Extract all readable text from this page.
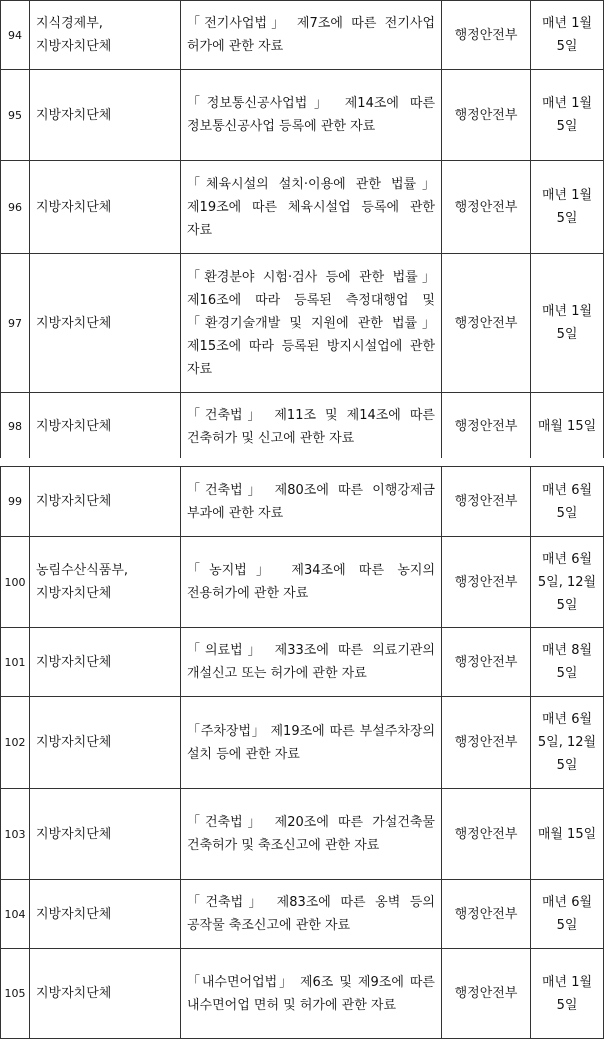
94	지식경제부,
지방자치단체	「전기사업법」 제7조에 따른 전기사업 허가에 관한 자료	행정안전부	매년 1월 5일
95	지방자치단체	「정보통신공사업법」 제14조에 따른 정보통신공사업 등록에 관한 자료	행정안전부	매년 1월 5일
96	지방자치단체	「체육시설의 설치·이용에 관한 법률」 제19조에 따른 체육시설업 등록에 관한 자료	행정안전부	매년 1월 5일
97	지방자치단체	「환경분야 시험·검사 등에 관한 법률」 제16조에 따라 등록된 측정대행업 및 「환경기술개발 및 지원에 관한 법률」 제15조에 따라 등록된 방지시설업에 관한 자료	행정안전부	매년 1월 5일
98	지방자치단체	「건축법」 제11조 및 제14조에 따른 건축허가 및 신고에 관한 자료	행정안전부	매월 15일
99	지방자치단체	「건축법」 제80조에 따른 이행강제금 부과에 관한 자료	행정안전부	매년 6월 5일
100	농림수산식품부,
지방자치단체	「농지법」 제34조에 따른 농지의 전용허가에 관한 자료	행정안전부	매년 6월 5일, 12월 5일
101	지방자치단체	「의료법」 제33조에 따른 의료기관의 개설신고 또는 허가에 관한 자료	행정안전부	매년 8월 5일
102	지방자치단체	「주차장법」 제19조에 따른 부설주차장의 설치 등에 관한 자료	행정안전부	매년 6월 5일, 12월 5일
103	지방자치단체	「건축법」 제20조에 따른 가설건축물 건축허가 및 축조신고에 관한 자료	행정안전부	매월 15일
104	지방자치단체	「건축법」 제83조에 따른 옹벽 등의 공작물 축조신고에 관한 자료	행정안전부	매년 6월 5일
105	지방자치단체	「내수면어업법」 제6조 및 제9조에 따른 내수면어업 면허 및 허가에 관한 자료	행정안전부	매년 1월 5일
